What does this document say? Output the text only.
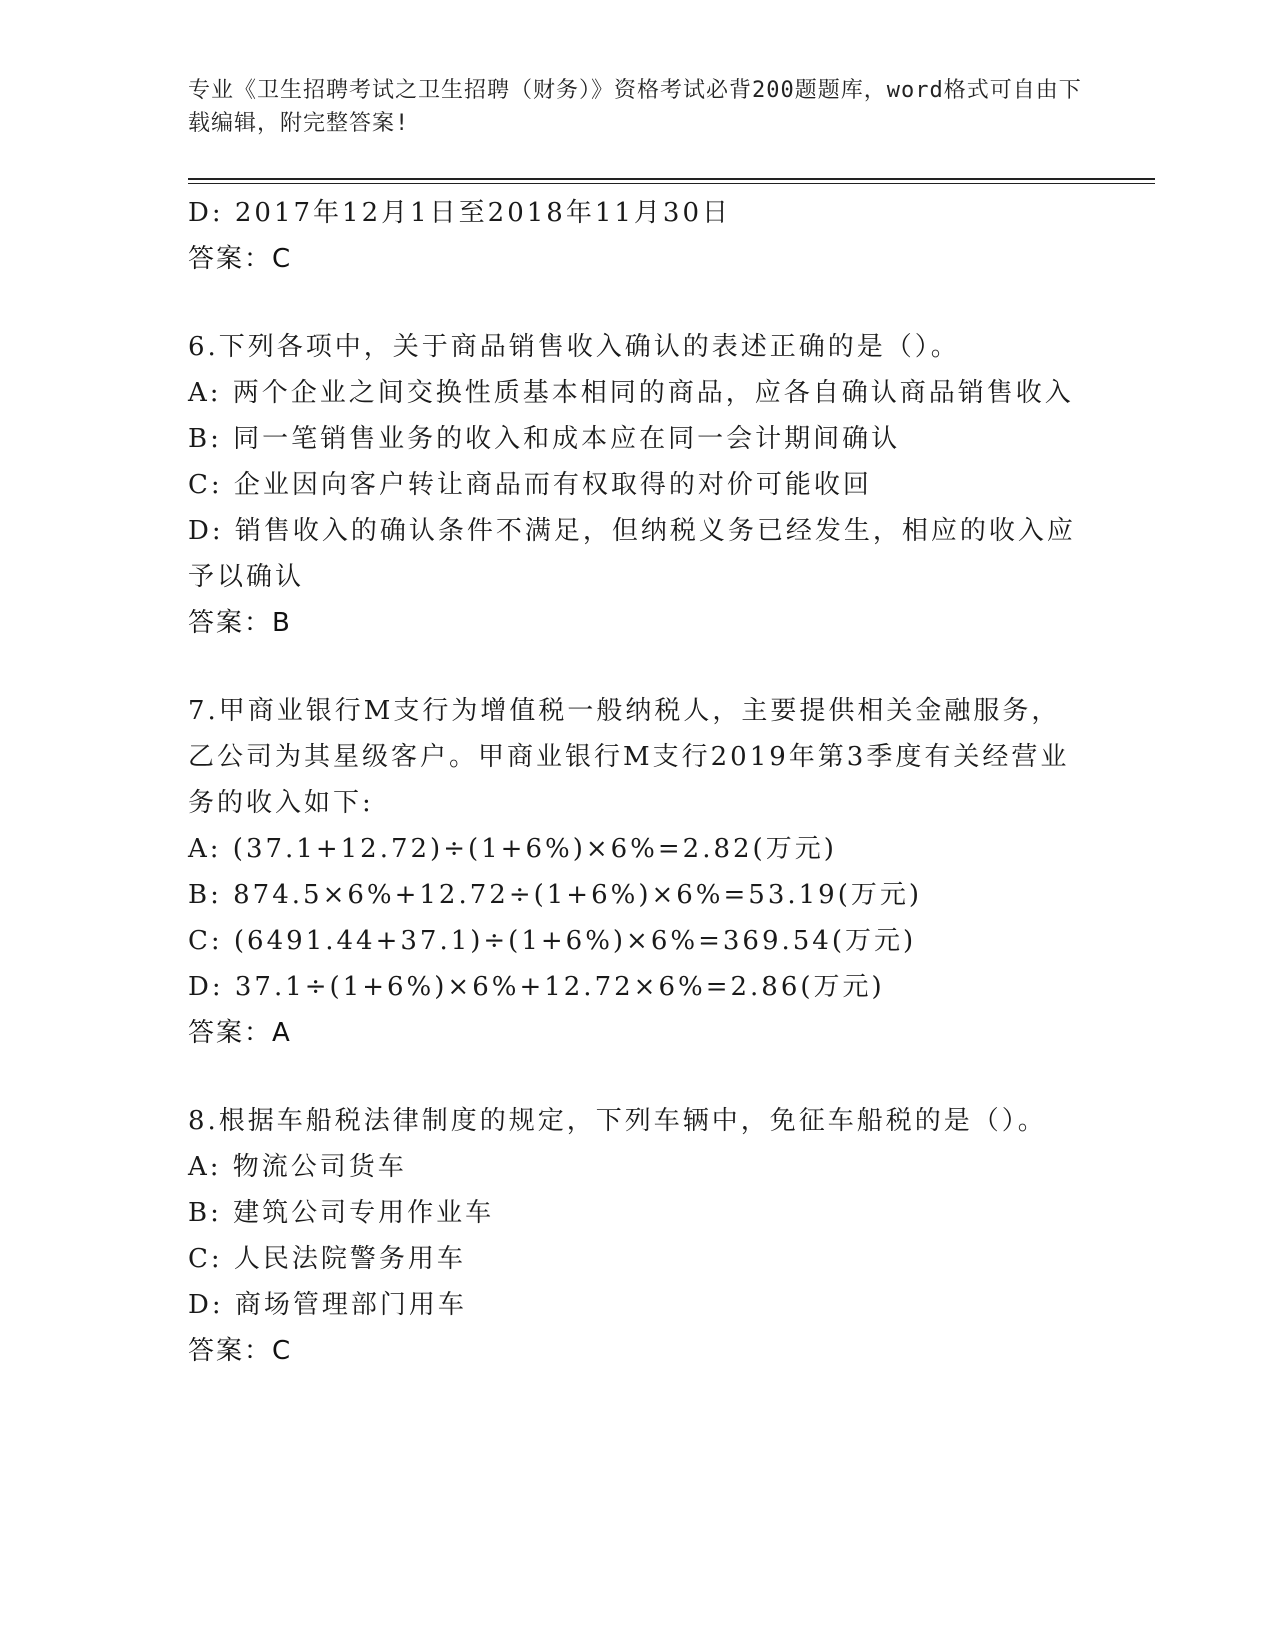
专业《卫生招聘考试之卫生招聘（财务）》资格考试必背200题题库，word格式可自由下载编辑，附完整答案!
D: 2017年12月1日至2018年11月30日
答案：C
6.下列各项中，关于商品销售收入确认的表述正确的是（）。
A: 两个企业之间交换性质基本相同的商品，应各自确认商品销售收入
B: 同一笔销售业务的收入和成本应在同一会计期间确认
C: 企业因向客户转让商品而有权取得的对价可能收回
D: 销售收入的确认条件不满足，但纳税义务已经发生，相应的收入应
予以确认
答案：B
7.甲商业银行M支行为增值税一般纳税人，主要提供相关金融服务，
乙公司为其星级客户。甲商业银行M支行2019年第3季度有关经营业
务的收入如下:
A: (37.1+12.72)÷(1+6%)×6%=2.82(万元)
B: 874.5×6%+12.72÷(1+6%)×6%=53.19(万元)
C: (6491.44+37.1)÷(1+6%)×6%=369.54(万元)
D: 37.1÷(1+6%)×6%+12.72×6%=2.86(万元)
答案：A
8.根据车船税法律制度的规定，下列车辆中，免征车船税的是（）。
A: 物流公司货车
B: 建筑公司专用作业车
C: 人民法院警务用车
D: 商场管理部门用车
答案：C
